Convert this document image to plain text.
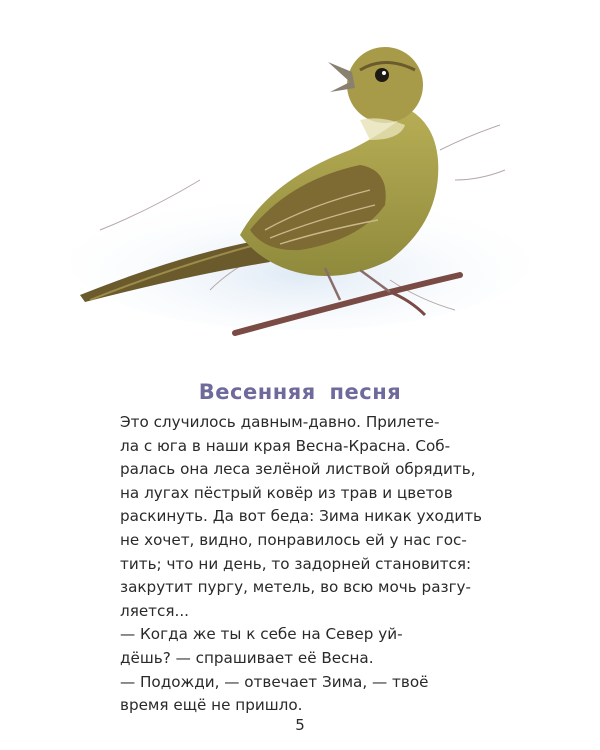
Весенняя песня

Это случилось давным-давно. Прилете-
ла с юга в наши края Весна-Красна. Соб-
ралась она леса зелёной листвой обрядить,
на лугах пёстрый ковёр из трав и цветов
раскинуть. Да вот беда: Зима никак уходить
не хочет, видно, понравилось ей у нас гос-
тить; что ни день, то задорней становится:
закрутит пургу, метель, во всю мочь разгу-
ляется...

— Когда же ты к себе на Север уй-
дёшь? — спрашивает её Весна.

— Подожди, — отвечает Зима, — твоё
время ещё не пришло.

5
